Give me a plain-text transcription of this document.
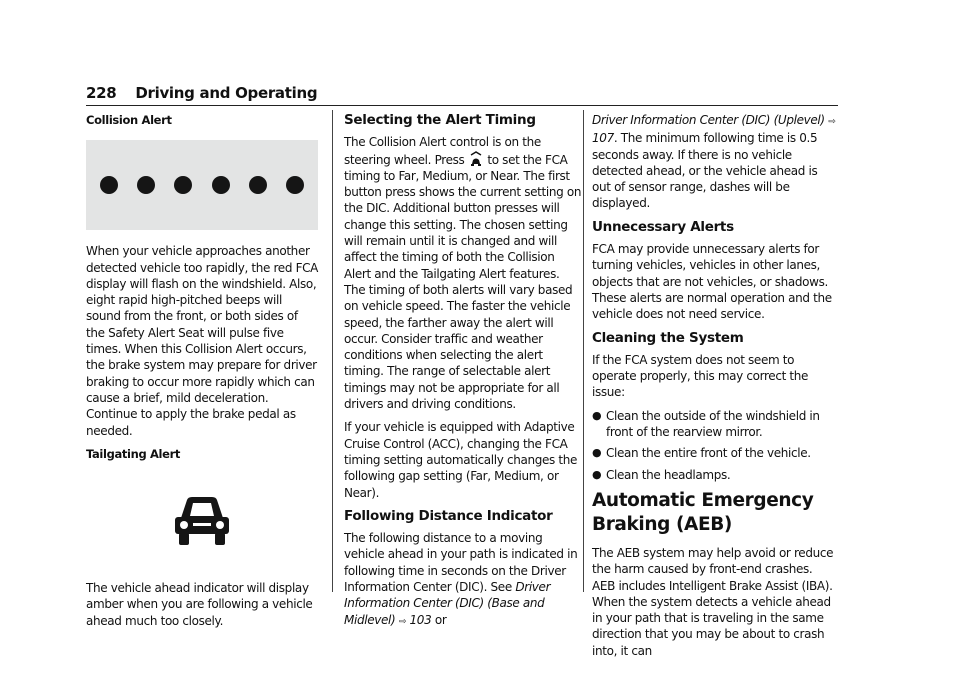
228 Driving and Operating
Collision Alert

When your vehicle approaches another detected vehicle too rapidly, the red FCA display will flash on the windshield. Also, eight rapid high-pitched beeps will sound from the front, or both sides of the Safety Alert Seat will pulse five times. When this Collision Alert occurs, the brake system may prepare for driver braking to occur more rapidly which can cause a brief, mild deceleration. Continue to apply the brake pedal as needed.

Tailgating Alert

The vehicle ahead indicator will display amber when you are following a vehicle ahead much too closely.

Selecting the Alert Timing

The Collision Alert control is on the steering wheel. Press to set the FCA timing to Far, Medium, or Near. The first button press shows the current setting on the DIC. Additional button presses will change this setting. The chosen setting will remain until it is changed and will affect the timing of both the Collision Alert and the Tailgating Alert features. The timing of both alerts will vary based on vehicle speed. The faster the vehicle speed, the farther away the alert will occur. Consider traffic and weather conditions when selecting the alert timing. The range of selectable alert timings may not be appropriate for all drivers and driving conditions.

If your vehicle is equipped with Adaptive Cruise Control (ACC), changing the FCA timing setting automatically changes the following gap setting (Far, Medium, or Near).

Following Distance Indicator

The following distance to a moving vehicle ahead in your path is indicated in following time in seconds on the Driver Information Center (DIC). See Driver Information Center (DIC) (Base and Midlevel) ⇨ 103 or

Driver Information Center (DIC) (Uplevel) ⇨ 107. The minimum following time is 0.5 seconds away. If there is no vehicle detected ahead, or the vehicle ahead is out of sensor range, dashes will be displayed.

Unnecessary Alerts

FCA may provide unnecessary alerts for turning vehicles, vehicles in other lanes, objects that are not vehicles, or shadows. These alerts are normal operation and the vehicle does not need service.

Cleaning the System

If the FCA system does not seem to operate properly, this may correct the issue:

● Clean the outside of the windshield in front of the rearview mirror.
● Clean the entire front of the vehicle.
● Clean the headlamps.
Automatic Emergency
Braking (AEB)

The AEB system may help avoid or reduce the harm caused by front-end crashes. AEB includes Intelligent Brake Assist (IBA). When the system detects a vehicle ahead in your path that is traveling in the same direction that you may be about to crash into, it can
